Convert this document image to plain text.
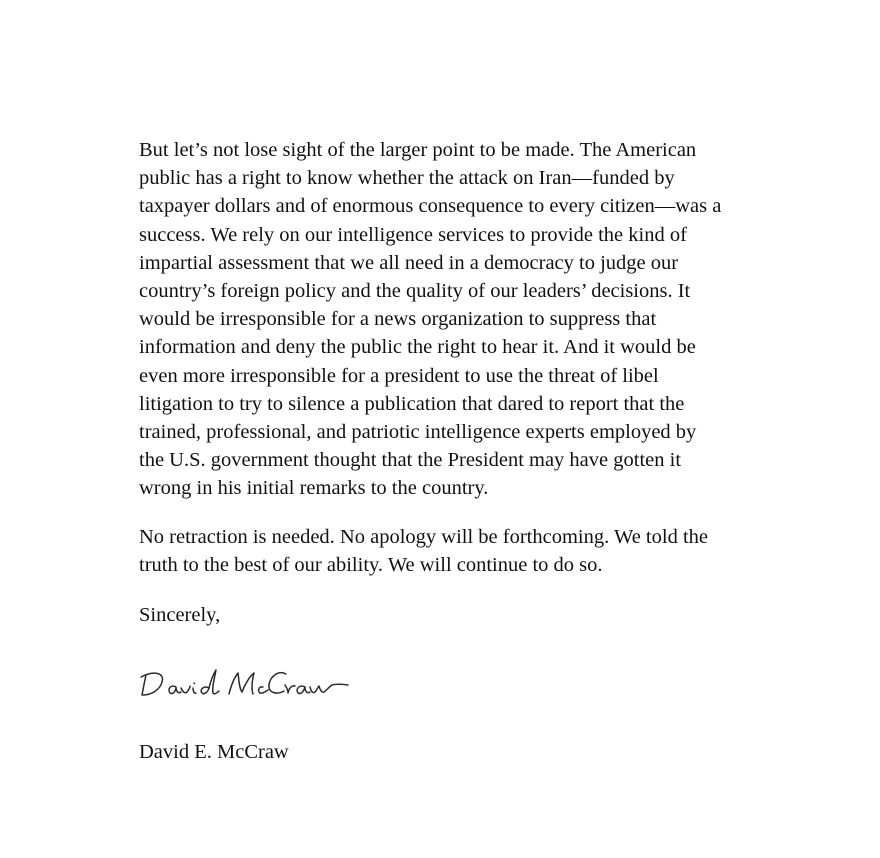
But let’s not lose sight of the larger point to be made. The American
public has a right to know whether the attack on Iran—funded by
taxpayer dollars and of enormous consequence to every citizen—was a
success. We rely on our intelligence services to provide the kind of
impartial assessment that we all need in a democracy to judge our
country’s foreign policy and the quality of our leaders’ decisions. It
would be irresponsible for a news organization to suppress that
information and deny the public the right to hear it. And it would be
even more irresponsible for a president to use the threat of libel
litigation to try to silence a publication that dared to report that the
trained, professional, and patriotic intelligence experts employed by
the U.S. government thought that the President may have gotten it
wrong in his initial remarks to the country.

No retraction is needed. No apology will be forthcoming. We told the
truth to the best of our ability. We will continue to do so.

Sincerely,

David E. McCraw
